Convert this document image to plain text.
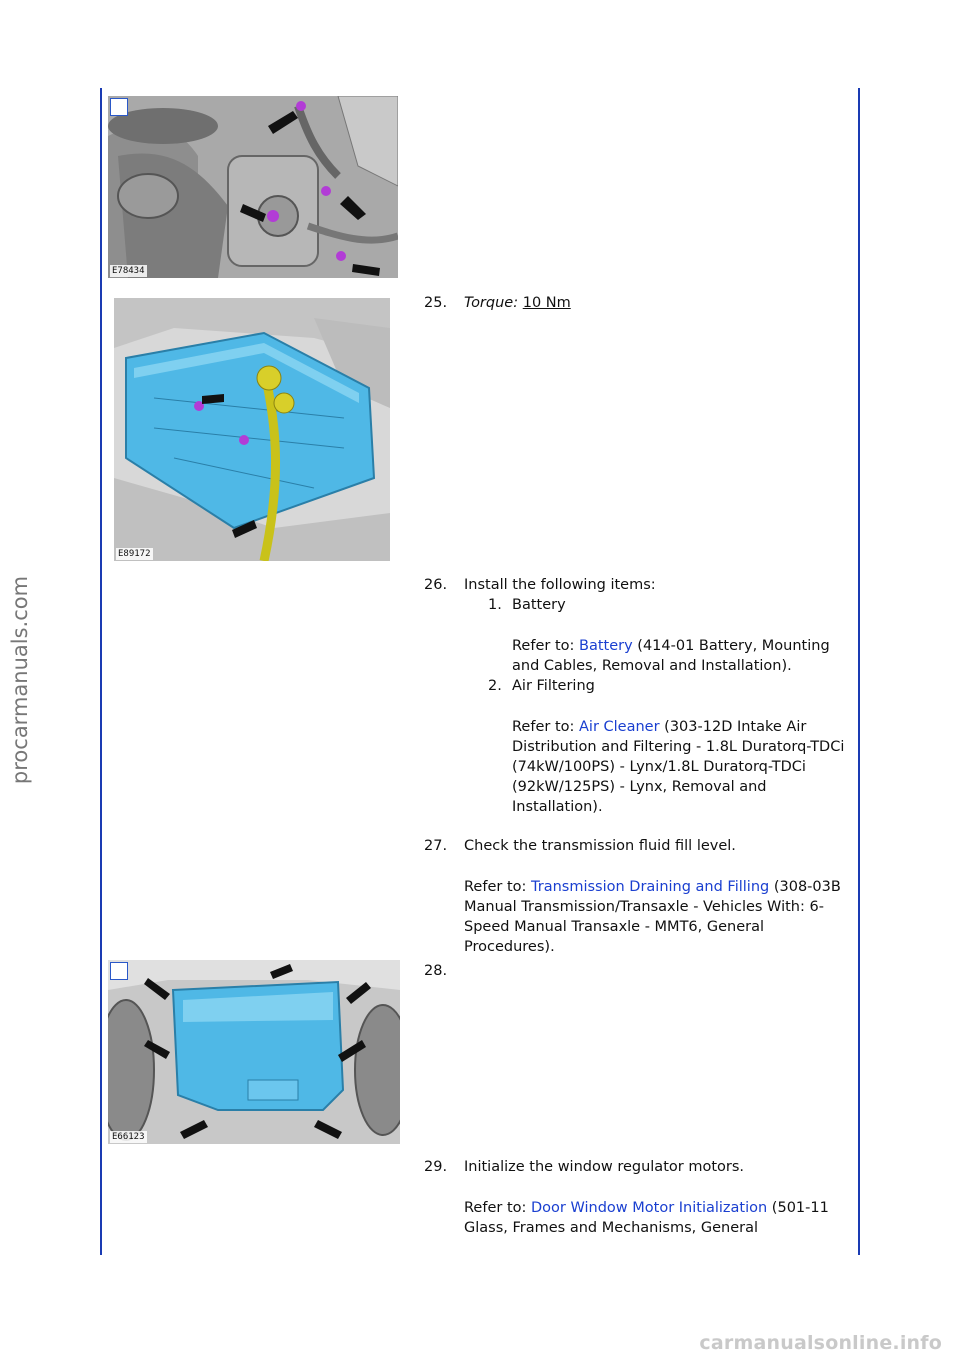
procarmanuals.com
carmanualsonline.info
E78434
E89172
E66123
25. Torque: 10 Nm
26. Install the following items:
1. Battery
Refer to: Battery (414-01 Battery, Mounting and Cables, Removal and Installation).
2. Air Filtering
Refer to: Air Cleaner (303-12D Intake Air Distribution and Filtering - 1.8L Duratorq-TDCi (74kW/100PS) - Lynx/1.8L Duratorq-TDCi (92kW/125PS) - Lynx, Removal and Installation).
27. Check the transmission fluid fill level.
Refer to: Transmission Draining and Filling (308-03B Manual Transmission/Transaxle - Vehicles With: 6-Speed Manual Transaxle - MMT6, General Procedures).
28.
29. Initialize the window regulator motors.
Refer to: Door Window Motor Initialization (501-11 Glass, Frames and Mechanisms, General
